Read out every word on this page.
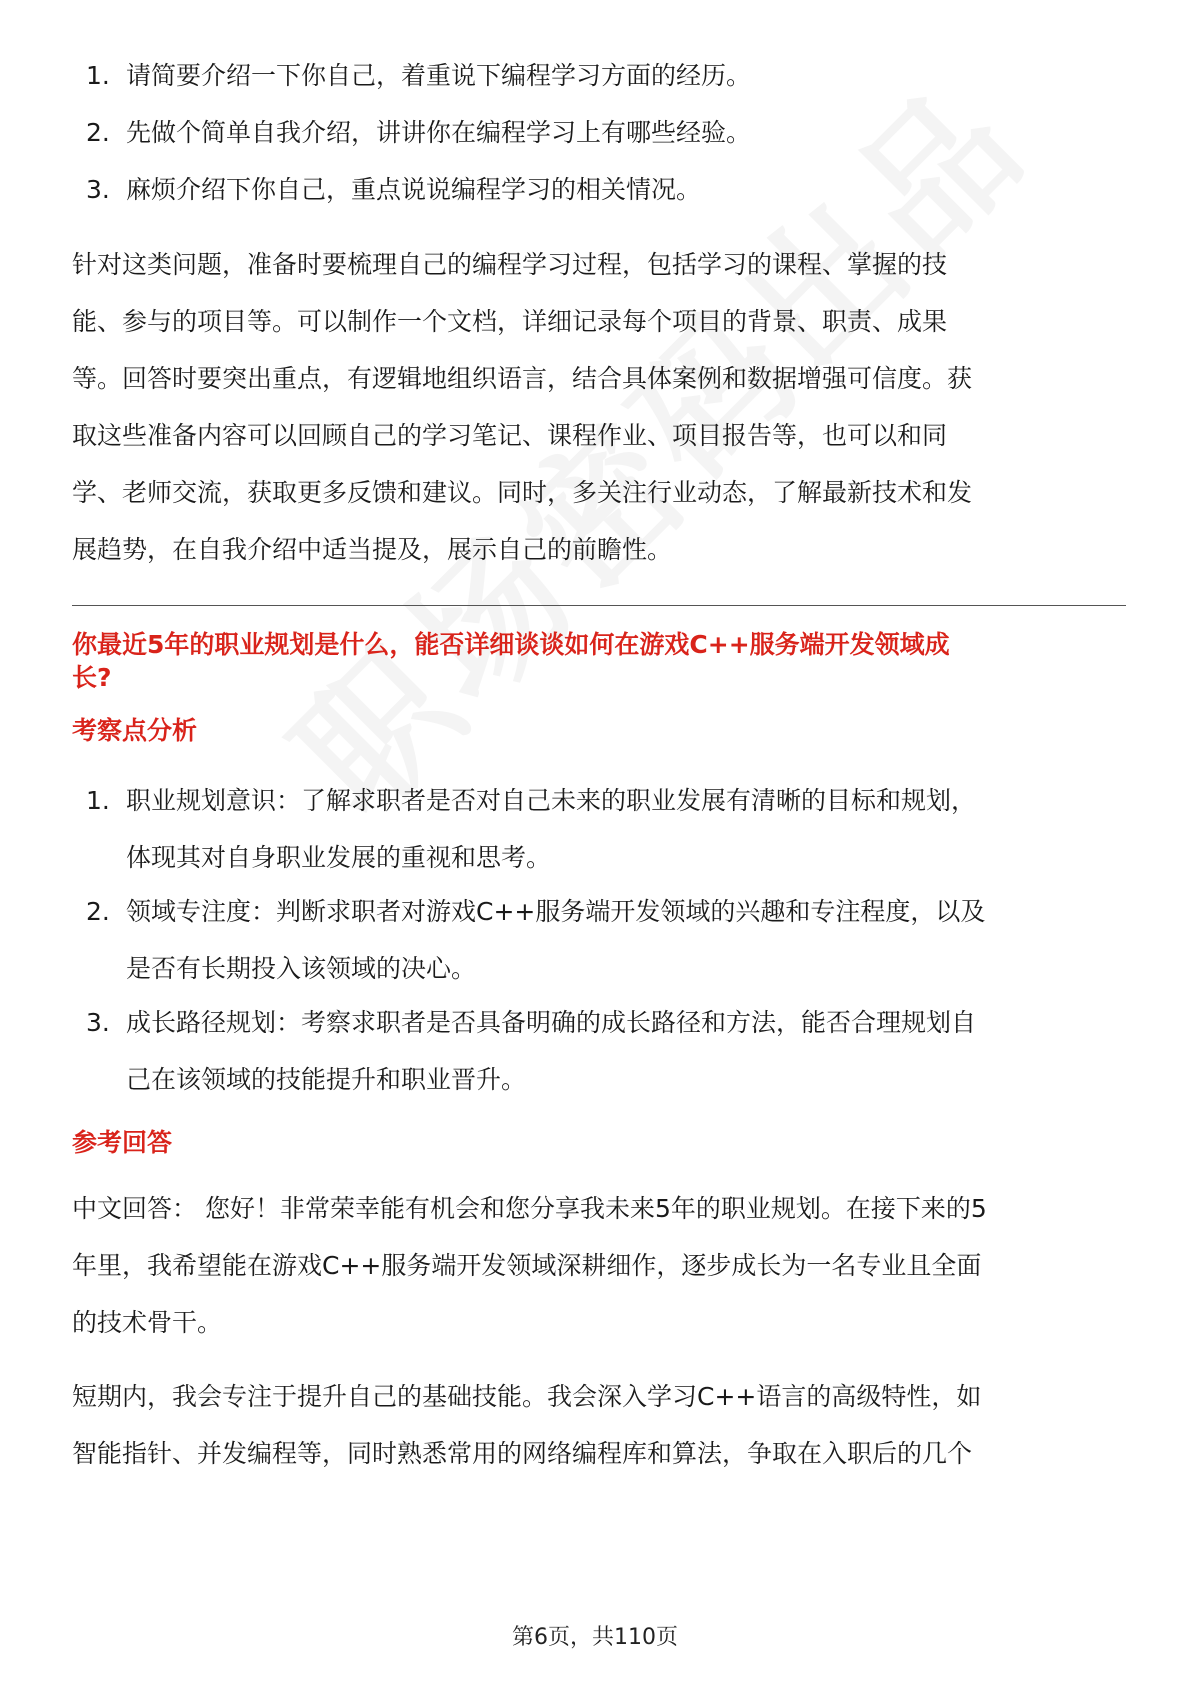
1. 请简要介绍一下你自己，着重说下编程学习方面的经历。
2. 先做个简单自我介绍，讲讲你在编程学习上有哪些经验。
3. 麻烦介绍下你自己，重点说说编程学习的相关情况。

针对这类问题，准备时要梳理自己的编程学习过程，包括学习的课程、掌握的技

能、参与的项目等。可以制作一个文档，详细记录每个项目的背景、职责、成果

等。回答时要突出重点，有逻辑地组织语言，结合具体案例和数据增强可信度。获

取这些准备内容可以回顾自己的学习笔记、课程作业、项目报告等，也可以和同

学、老师交流，获取更多反馈和建议。同时，多关注行业动态，了解最新技术和发

展趋势，在自我介绍中适当提及，展示自己的前瞻性。

你最近5年的职业规划是什么，能否详细谈谈如何在游戏C++服务端开发领域成

长?

考察点分析

1. 职业规划意识：了解求职者是否对自己未来的职业发展有清晰的目标和规划，
体现其对自身职业发展的重视和思考。
2. 领域专注度：判断求职者对游戏C++服务端开发领域的兴趣和专注程度，以及
是否有长期投入该领域的决心。
3. 成长路径规划：考察求职者是否具备明确的成长路径和方法，能否合理规划自
己在该领域的技能提升和职业晋升。

参考回答

中文回答： 您好！非常荣幸能有机会和您分享我未来5年的职业规划。在接下来的5

年里，我希望能在游戏C++服务端开发领域深耕细作，逐步成长为一名专业且全面

的技术骨干。

短期内，我会专注于提升自己的基础技能。我会深入学习C++语言的高级特性，如

智能指针、并发编程等，同时熟悉常用的网络编程库和算法，争取在入职后的几个

第6页，共110页
